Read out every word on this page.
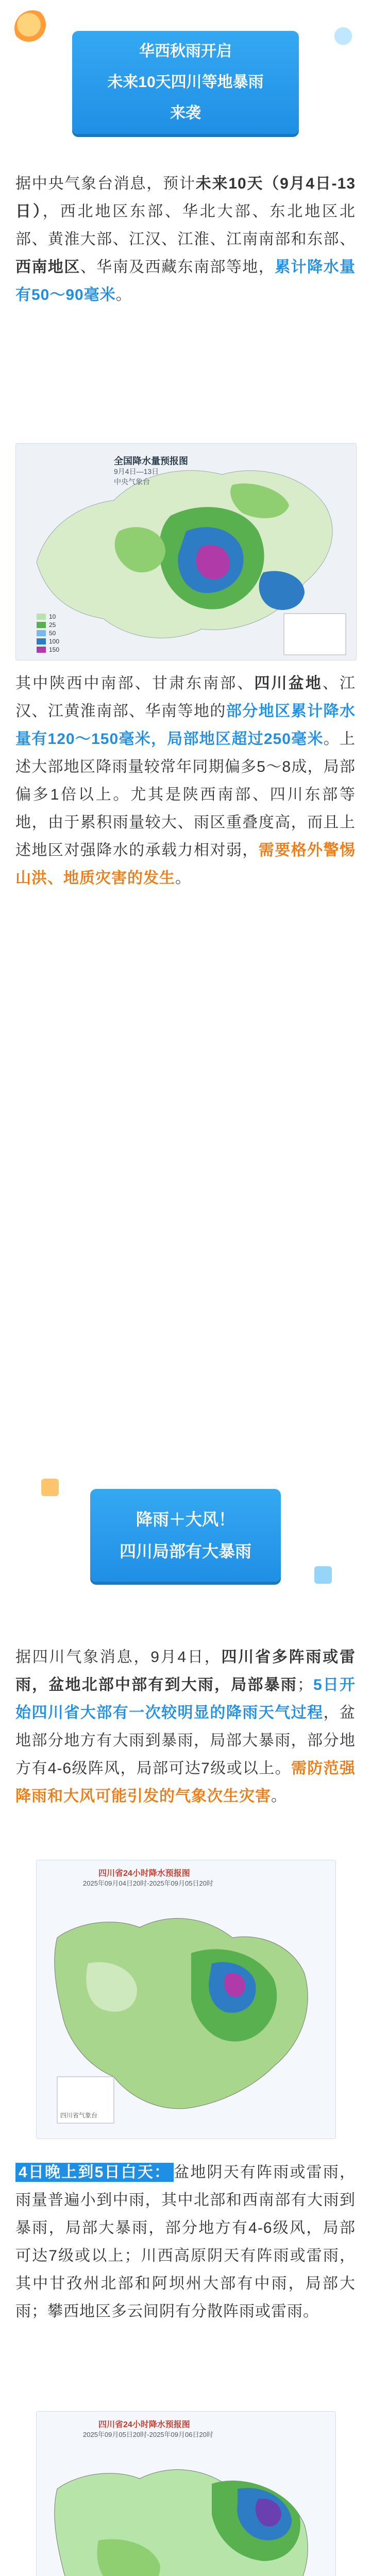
华西秋雨开启
未来10天四川等地暴雨
来袭
据中央气象台消息，预计未来10天（9月4日-13日），西北地区东部、华北大部、东北地区北部、黄淮大部、江汉、江淮、江南南部和东部、西南地区、华南及西藏东南部等地，累计降水量有50～90毫米。
全国降水量预报图
9月4日—13日
中央气象台
10
25
50
100
150
其中陕西中南部、甘肃东南部、四川盆地、江汉、江黄淮南部、华南等地的部分地区累计降水量有120～150毫米，局部地区超过250毫米。上述大部地区降雨量较常年同期偏多5～8成，局部偏多1倍以上。尤其是陕西南部、四川东部等地，由于累积雨量较大、雨区重叠度高，而且上述地区对强降水的承载力相对弱，需要格外警惕山洪、地质灾害的发生。
降雨＋大风！
四川局部有大暴雨
据四川气象消息，9月4日，四川省多阵雨或雷雨，盆地北部中部有到大雨，局部暴雨；5日开始四川省大部有一次较明显的降雨天气过程，盆地部分地方有大雨到暴雨，局部大暴雨，部分地方有4-6级阵风，局部可达7级或以上。需防范强降雨和大风可能引发的气象次生灾害。
四川省24小时降水预报图
2025年09月04日20时-2025年09月05日20时
四川省气象台
4日晚上到5日白天： 盆地阴天有阵雨或雷雨，雨量普遍小到中雨，其中北部和西南部有大雨到暴雨，局部大暴雨，部分地方有4-6级风，局部可达7级或以上；川西高原阴天有阵雨或雷雨，其中甘孜州北部和阿坝州大部有中雨，局部大雨；攀西地区多云间阴有分散阵雨或雷雨。
四川省24小时降水预报图
2025年09月05日20时-2025年09月06日20时
